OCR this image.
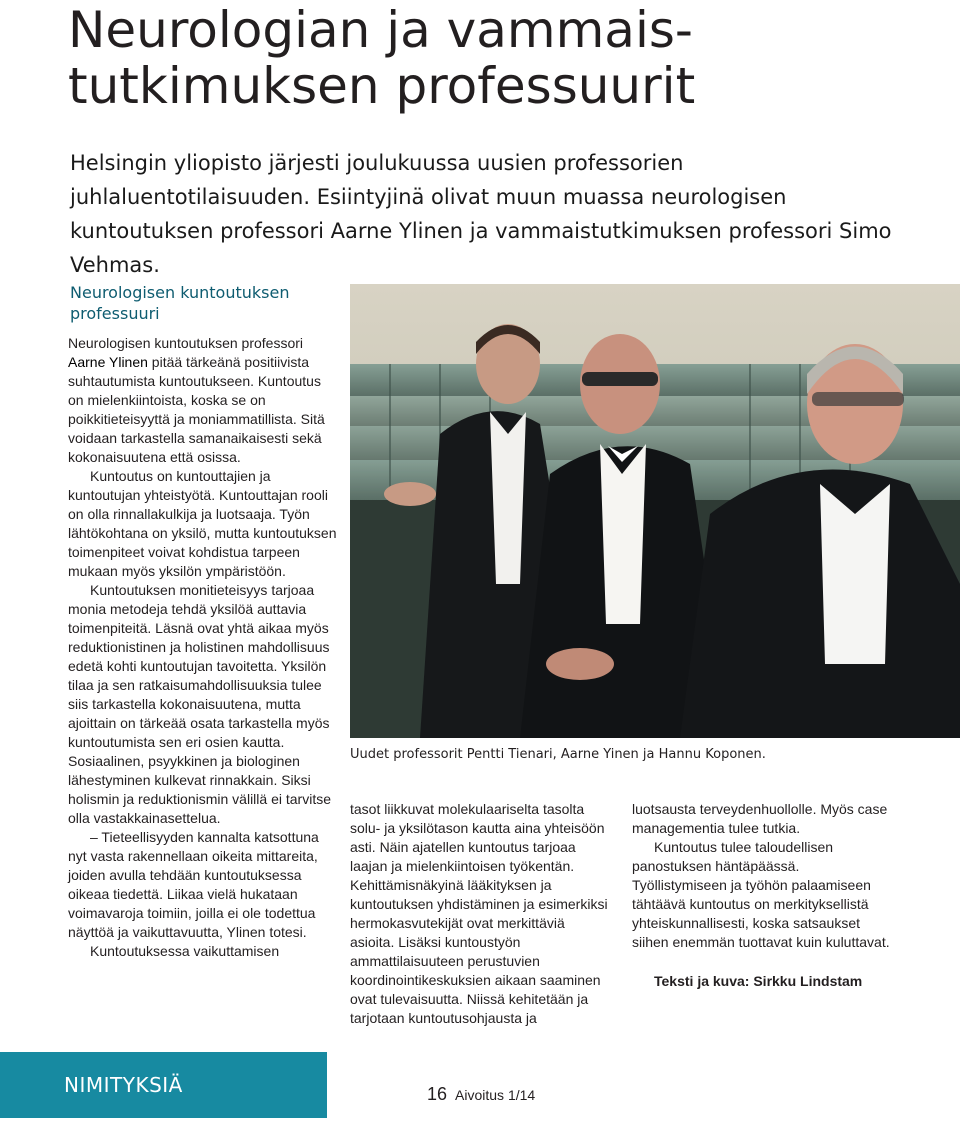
Neurologian ja vammais-tutkimuksen professuurit

Helsingin yliopisto järjesti joulukuussa uusien professorien juhlaluentotilaisuuden. Esiintyjinä olivat muun muassa neurologisen kuntoutuksen professori Aarne Ylinen ja vammaistutkimuksen professori Simo Vehmas.

Neurologisen kuntoutuksen professuuri

Neurologisen kuntoutuksen professori Aarne Ylinen pitää tärkeänä positiivista suhtautumista kuntoutukseen. Kuntoutus on mielenkiintoista, koska se on poikkitieteisyyttä ja moniammatillista. Sitä voidaan tarkastella samanaikaisesti sekä kokonaisuutena että osissa.

Kuntoutus on kuntouttajien ja kuntoutujan yhteistyötä. Kuntouttajan rooli on olla rinnallakulkija ja luotsaaja. Työn lähtökohtana on yksilö, mutta kuntoutuksen toimenpiteet voivat kohdistua tarpeen mukaan myös yksilön ympäristöön.

Kuntoutuksen monitieteisyys tarjoaa monia metodeja tehdä yksilöä auttavia toimenpiteitä. Läsnä ovat yhtä aikaa myös reduktionistinen ja holistinen mahdollisuus edetä kohti kuntoutujan tavoitetta. Yksilön tilaa ja sen ratkaisumahdollisuuksia tulee siis tarkastella kokonaisuutena, mutta ajoittain on tärkeää osata tarkastella myös kuntoutumista sen eri osien kautta. Sosiaalinen, psyykkinen ja biologinen lähestyminen kulkevat rinnakkain. Siksi holismin ja reduktionismin välillä ei tarvitse olla vastakkainasettelua.

– Tieteellisyyden kannalta katsottuna nyt vasta rakennellaan oikeita mittareita, joiden avulla tehdään kuntoutuksessa oikeaa tiedettä. Liikaa vielä hukataan voimavaroja toimiin, joilla ei ole todettua näyttöä ja vaikuttavuutta, Ylinen totesi.

Kuntoutuksessa vaikuttamisen

Uudet professorit Pentti Tienari, Aarne Yinen ja Hannu Koponen.

tasot liikkuvat molekulaariselta tasolta solu- ja yksilötason kautta aina yhteisöön asti. Näin ajatellen kuntoutus tarjoaa laajan ja mielenkiintoisen työkentän. Kehittämisnäkyinä lääkityksen ja kuntoutuksen yhdistäminen ja esimerkiksi hermokasvutekijät ovat merkittäviä asioita. Lisäksi kuntoustyön ammattilaisuuteen perustuvien koordinointikeskuksien aikaan saaminen ovat tulevaisuutta. Niissä kehitetään ja tarjotaan kuntoutusohjausta ja

luotsausta terveydenhuollolle. Myös case managementia tulee tutkia.

Kuntoutus tulee taloudellisen panostuksen häntäpäässä. Työllistymiseen ja työhön palaamiseen tähtäävä kuntoutus on merkityksellistä yhteiskunnallisesti, koska satsaukset siihen enemmän tuottavat kuin kuluttavat.

Teksti ja kuva: Sirkku Lindstam

NIMITYKSIÄ	16 Aivoitus 1/14
